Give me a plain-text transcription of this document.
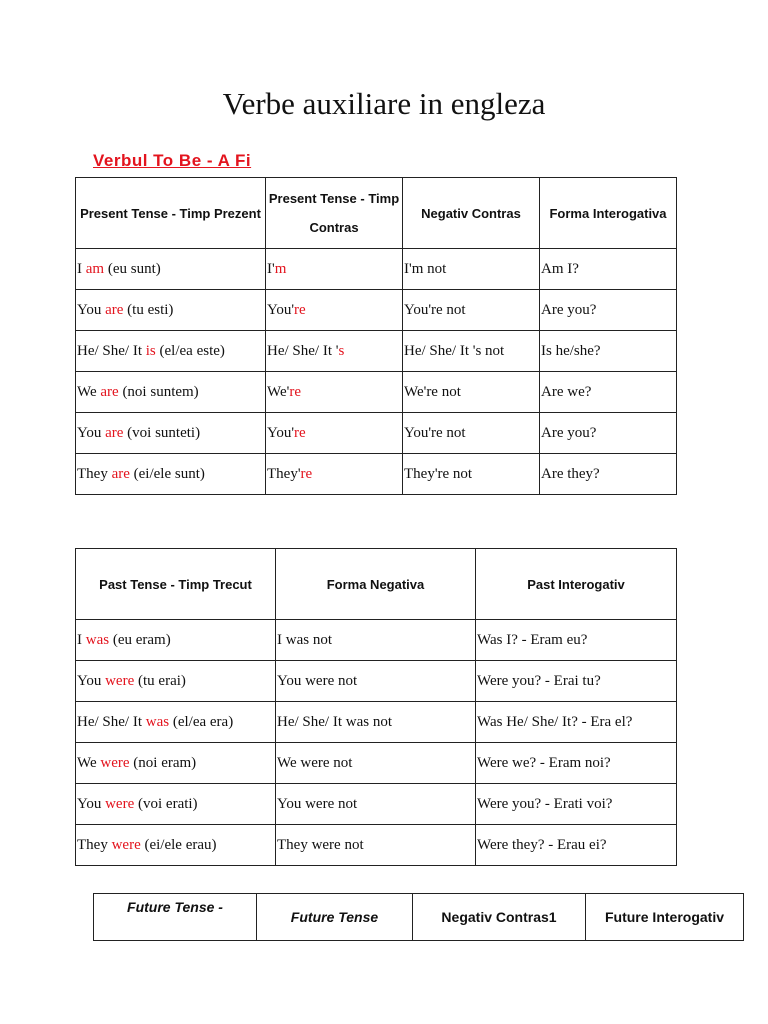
Verbe auxiliare in engleza
Verbul To Be - A Fi
Present Tense - Timp Prezent	Present Tense - Timp Contras	Negativ Contras	Forma Interogativa
I am (eu sunt)	I'm	I'm not	Am I?
You are (tu esti)	You're	You're not	Are you?
He/ She/ It is (el/ea este)	He/ She/ It 's	He/ She/ It 's not	Is he/she?
We are (noi suntem)	We're	We're not	Are we?
You are (voi sunteti)	You're	You're not	Are you?
They are (ei/ele sunt)	They're	They're not	Are they?
Past Tense - Timp Trecut	Forma Negativa	Past Interogativ
I was (eu eram)	I was not	Was I? - Eram eu?
You were (tu erai)	You were not	Were you? - Erai tu?
He/ She/ It was (el/ea era)	He/ She/ It was not	Was He/ She/ It? - Era el?
We were (noi eram)	We were not	Were we? - Eram noi?
You were (voi erati)	You were not	Were you? - Erati voi?
They were (ei/ele erau)	They were not	Were they? - Erau ei?
Future Tense -	Future Tense	Negativ Contras1	Future Interogativ
